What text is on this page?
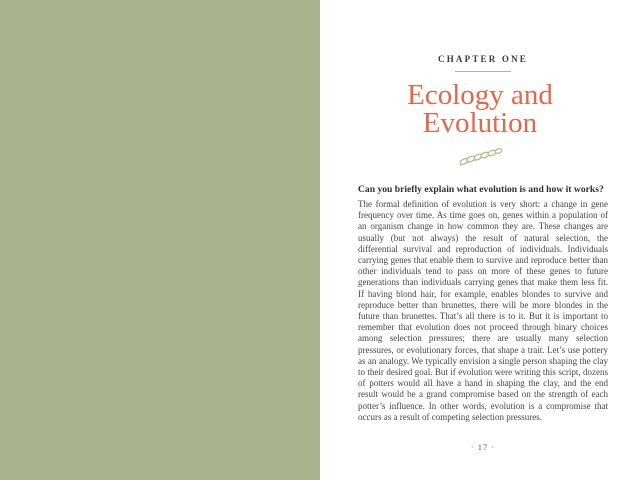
CHAPTER ONE
Ecology and
Evolution

Can you briefly explain what evolution is and how it works?

The formal definition of evolution is very short: a change in gene frequency over time. As time goes on, genes within a population of an organism change in how common they are. These changes are usually (but not always) the result of natural selection, the differential survival and reproduction of individuals. Individuals carrying genes that enable them to survive and reproduce better than other individuals tend to pass on more of these genes to future generations than individuals carrying genes that make them less fit. If having blond hair, for example, enables blondes to survive and reproduce better than brunettes, there will be more blondes in the future than brunettes. That’s all there is to it. But it is important to remember that evolution does not proceed through binary choices among selection pressures; there are usually many selection pressures, or evolutionary forces, that shape a trait. Let’s use pottery as an analogy. We typically envision a single person shaping the clay to their desired goal. But if evolution were writing this script, dozens of potters would all have a hand in shaping the clay, and the end result would be a grand compromise based on the strength of each potter’s influence. In other words, evolution is a compromise that occurs as a result of competing selection pressures.

· 17 ·
